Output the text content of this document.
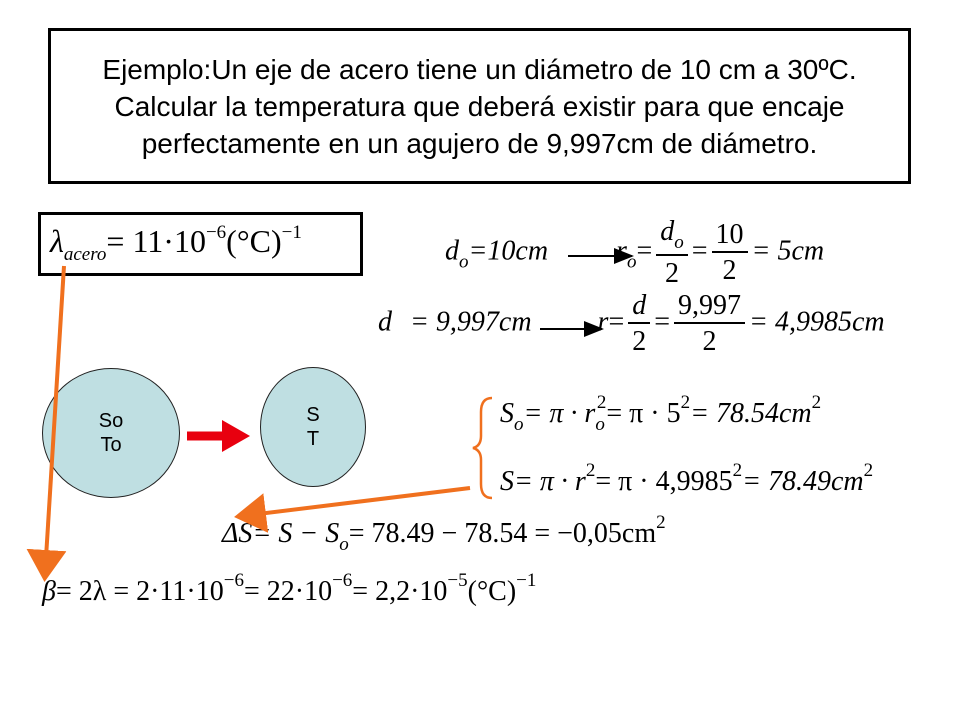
Ejemplo:Un eje de acero tiene un diámetro de 10 cm a 30ºC. Calcular la temperatura que deberá existir para que encaje perfectamente en un agujero de 9,997cm de diámetro.
$\lambda_{acero}= 11\cdot 10^{-6}(^\circ C)^{-1}$
$d_o=10cm$ $r_o= \frac{d_o}{2} = \frac{10}{2} = 5cm$
d = 9,997cm $r= \frac{d}{2} = \frac{9,997}{2} = 4,9985cm$
So
To
S
T
$S_o= \pi \cdot r_o^2= \pi \cdot 5^2= 78.54cm^2$
$S= \pi \cdot r^2= \pi \cdot 4,9985^2= 78.49cm^2$
$\Delta S= S - S_o= 78.49 - 78.54 = -0,05cm^2$
$\beta= 2\lambda = 2\cdot 11\cdot 10^{-6}= 22\cdot 10^{-6}= 2,2\cdot 10^{-5}(^\circ C)^{-1}$
